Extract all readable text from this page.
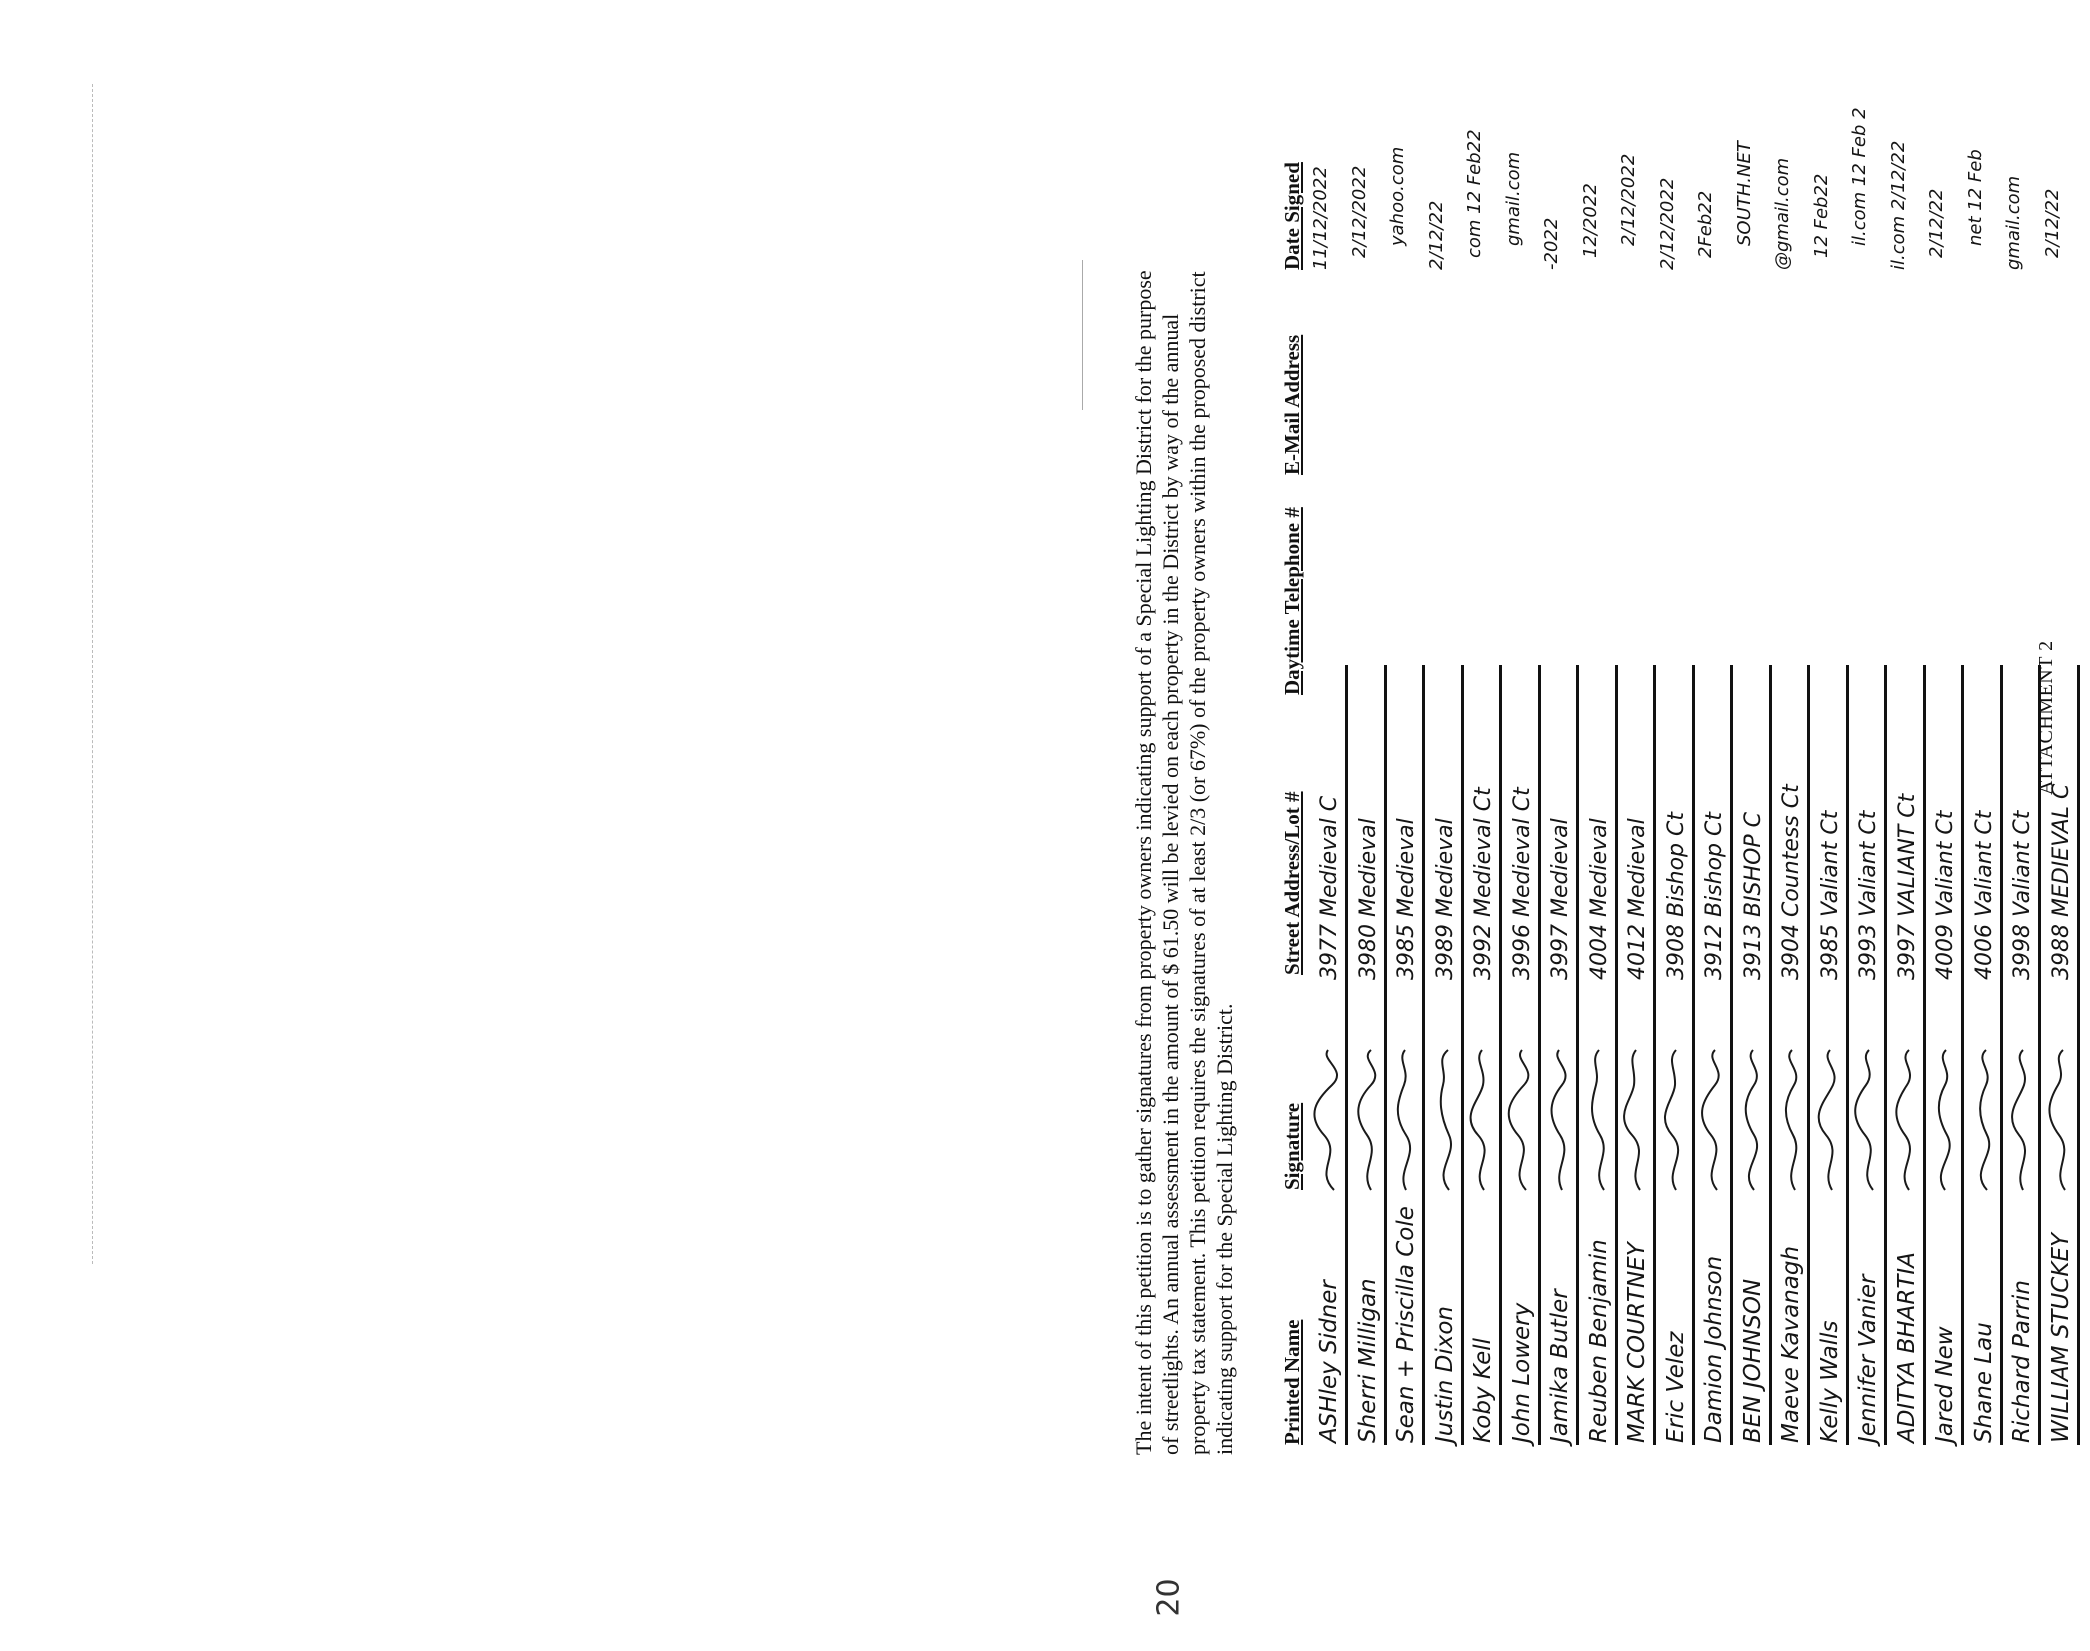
The intent of this petition is to gather signatures from property owners indicating support of a Special Lighting District for the purpose of streetlights. An annual assessment in the amount of $ 61.50 will be levied on each property in the District by way of the annual property tax statement. This petition requires the signatures of at least 2/3 (or 67%) of the property owners within the proposed district indicating support for the Special Lighting District. Printed Name
Signature
Street Address/Lot #
Daytime Telephone #
E-Mail Address
Date Signed
ASHley Sidner
3977 Medieval C
Sherri Milligan
3980 Medieval
Sean + Priscilla Cole
3985 Medieval
Justin Dixon
3989 Medieval
Koby Kell
3992 Medieval Ct
John Lowery
3996 Medieval Ct
Jamika Butler
3997 Medieval
Reuben Benjamin
4004 Medieval
MARK COURTNEY
4012 Medieval
Eric Velez
3908 Bishop Ct
Damion Johnson
3912 Bishop Ct
BEN JOHNSON
3913 BISHOP C
Maeve Kavanagh
3904 Countess Ct
Kelly Walls
3985 Valiant Ct
Jennifer Vanier
3993 Valiant Ct
ADITYA BHARTIA
3997 VALIANT Ct
Jared New
4009 Valiant Ct
Shane Lau
4006 Valiant Ct
Richard Parrin
3998 Valiant Ct
WILLIAM STUCKEY
3988 MEDIEVAL C
11/12/2022 2/12/2022 yahoo.com 2/12/22 com 12 Feb22 gmail.com -2022 12/2022 2/12/2022 2/12/2022 2Feb22 SOUTH.NET @gmail.com 12 Feb22 il.com 12 Feb 2 il.com 2/12/22 2/12/22 net 12 Feb gmail.com 2/12/22
ATTACHMENT 2
20
